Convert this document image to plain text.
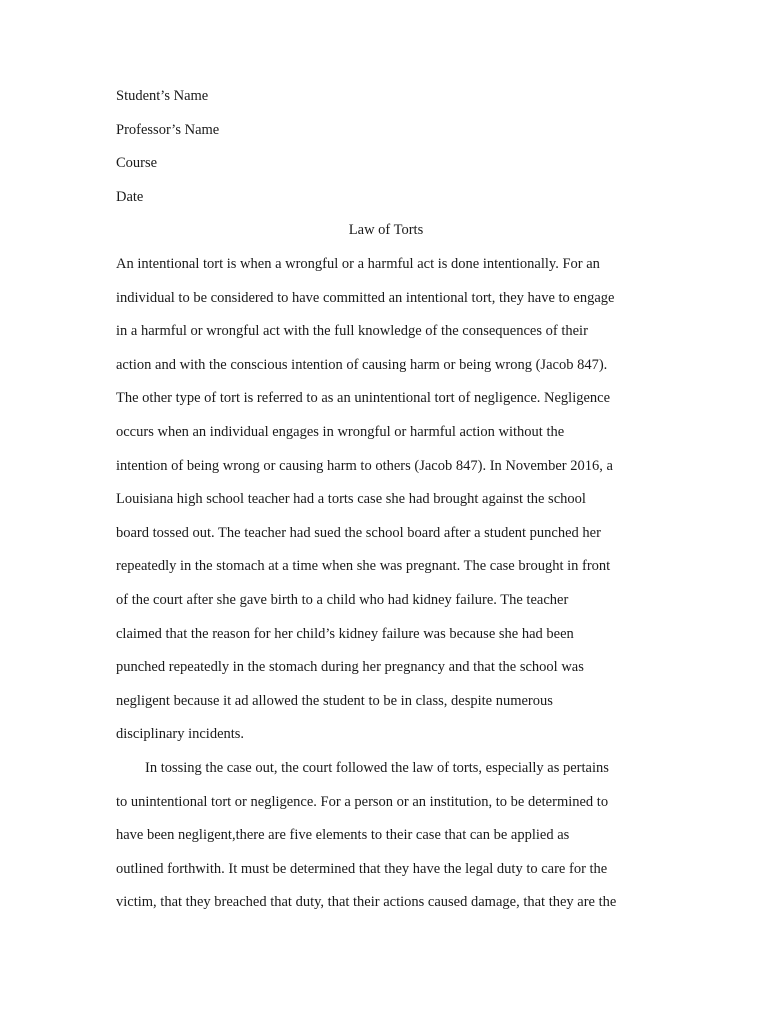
Student’s Name
Professor’s Name
Course
Date
Law of Torts
An intentional tort is when a wrongful or a harmful act is done intentionally. For an
individual to be considered to have committed an intentional tort, they have to engage
in a harmful or wrongful act with the full knowledge of the consequences of their
action and with the conscious intention of causing harm or being wrong (Jacob 847).
The other type of tort is referred to as an unintentional tort of negligence. Negligence
occurs when an individual engages in wrongful or harmful action without the
intention of being wrong or causing harm to others (Jacob 847). In November 2016, a
Louisiana high school teacher had a torts case she had brought against the school
board tossed out. The teacher had sued the school board after a student punched her
repeatedly in the stomach at a time when she was pregnant. The case brought in front
of the court after she gave birth to a child who had kidney failure. The teacher
claimed that the reason for her child’s kidney failure was because she had been
punched repeatedly in the stomach during her pregnancy and that the school was
negligent because it ad allowed the student to be in class, despite numerous
disciplinary incidents.
In tossing the case out, the court followed the law of torts, especially as pertains
to unintentional tort or negligence. For a person or an institution, to be determined to
have been negligent,there are five elements to their case that can be applied as
outlined forthwith. It must be determined that they have the legal duty to care for the
victim, that they breached that duty, that their actions caused damage, that they are the
